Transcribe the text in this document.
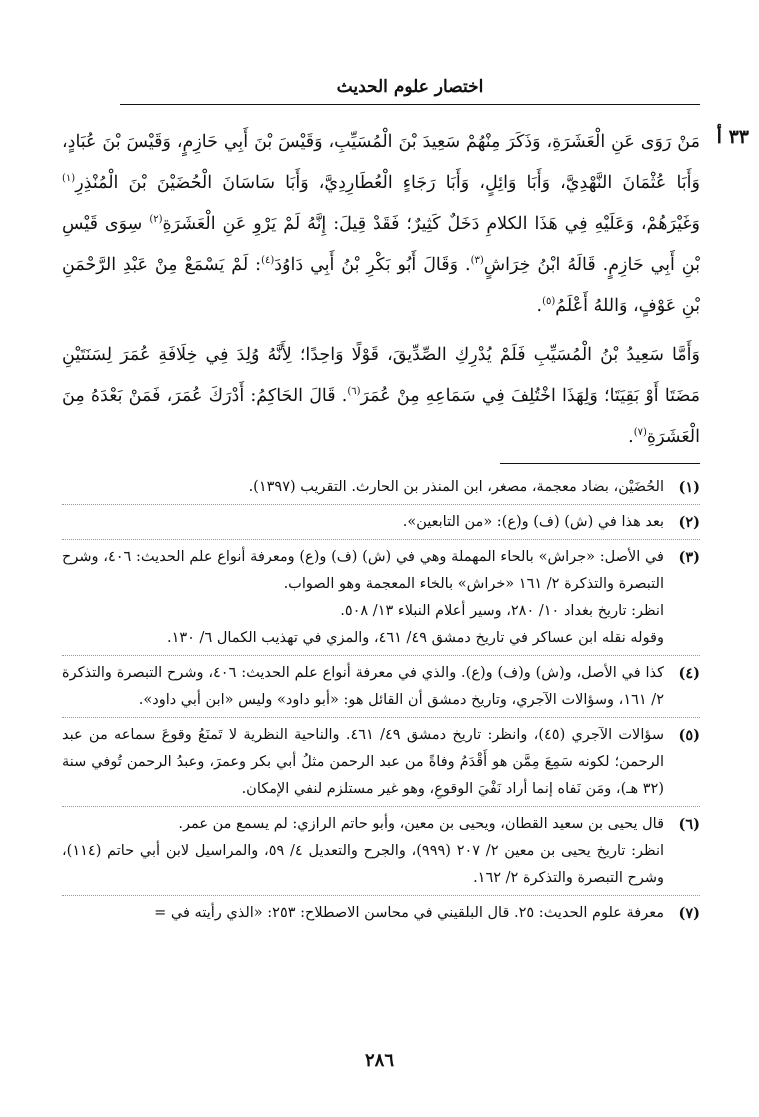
اختصار علوم الحديث
٣٣ أ

مَنْ رَوَى عَنِ الْعَشَرَةِ، وَذَكَرَ مِنْهُمْ سَعِيدَ بْنَ الْمُسَيِّبِ، وَقَيْسَ بْنَ أَبِي حَازِمٍ، وَقَيْسَ بْنَ عُبَادٍ، وَأَبَا عُثْمَانَ النَّهْدِيَّ، وَأَبَا وَائِلٍ، وَأَبَا رَجَاءٍ الْعُطَارِدِيَّ، وَأَبَا سَاسَانَ الْحُضَيْنَ بْنَ الْمُنْذِرِ$^{(١)}$ وَغَيْرَهُمْ، وَعَلَيْهِ فِي هَذَا الكلامِ دَخَلٌ كَثِيرٌ؛ فَقَدْ قِيلَ: إِنَّهُ لَمْ يَرْوِ عَنِ الْعَشَرَةِ$^{(٢)}$ سِوَى قَيْسِ بْنِ أَبِي حَازِمٍ. قَالَهُ ابْنُ خِرَاشٍ$^{(٣)}$. وَقَالَ أَبُو بَكْرِ بْنُ أَبِي دَاوُدَ$^{(٤)}$: لَمْ يَسْمَعْ مِنْ عَبْدِ الرَّحْمَنِ بْنِ عَوْفٍ، وَاللهُ أَعْلَمُ$^{(٥)}$.

وَأَمَّا سَعِيدُ بْنُ الْمُسَيِّبِ فَلَمْ يُدْرِكِ الصِّدِّيقَ، قَوْلًا وَاحِدًا؛ لِأَنَّهُ وُلِدَ فِي خِلَافَةِ عُمَرَ لِسَنَتَيْنِ مَضَتَا أَوْ بَقِيَتَا؛ وَلِهَذَا اخْتُلِفَ فِي سَمَاعِهِ مِنْ عُمَرَ$^{(٦)}$. قَالَ الحَاكِمُ: أَدْرَكَ عُمَرَ، فَمَنْ بَعْدَهُ مِنَ الْعَشَرَةِ$^{(٧)}$.

(١)
الحُضَيْن، بضاد معجمة، مصغر، ابن المنذر بن الحارث. التقريب (١٣٩٧).
(٢)
بعد هذا في (ش) (ف) و(ع): «من التابعين».
(٣)
في الأصل: «جراش» بالحاء المهملة وهي في (ش) (ف) و(ع) ومعرفة أنواع علم الحديث: ٤٠٦، وشرح التبصرة والتذكرة ٢/ ١٦١ «خراش» بالخاء المعجمة وهو الصواب.
انظر: تاريخ بغداد ١٠/ ٢٨٠، وسير أعلام النبلاء ١٣/ ٥٠٨.
وقوله نقله ابن عساكر في تاريخ دمشق ٤٩/ ٤٦١، والمزي في تهذيب الكمال ٦/ ١٣٠.
(٤)
كذا في الأصل، و(ش) و(ف) و(ع). والذي في معرفة أنواع علم الحديث: ٤٠٦، وشرح التبصرة والتذكرة ٢/ ١٦١، وسؤالات الآجري، وتاريخ دمشق أن القائل هو: «أبو داود» وليس «ابن أبي داود».
(٥)
سؤالات الآجري (٤٥)، وانظر: تاريخ دمشق ٤٩/ ٤٦١. والناحية النظرية لا تَمنَعُ وقوعَ سماعه من عبد الرحمن؛ لكونه سَمِعَ مِمَّن هو أَقْدَمُ وفاةً من عبد الرحمن مثلُ أبي بكر وعمرَ، وعبدُ الرحمن تُوفي سنة (٣٢ هـ)، ومَن نَفاه إنما أراد نَفْيَ الوقوعِ، وهو غير مستلزم لنفي الإمكان.
(٦)
قال يحيى بن سعيد القطان، ويحيى بن معين، وأبو حاتم الرازي: لم يسمع من عمر.
انظر: تاريخ يحيى بن معين ٢/ ٢٠٧ (٩٩٩)، والجرح والتعديل ٤/ ٥٩، والمراسيل لابن أبي حاتم (١١٤)، وشرح التبصرة والتذكرة ٢/ ١٦٢.
(٧)
معرفة علوم الحديث: ٢٥. قال البلقيني في محاسن الاصطلاح: ٢٥٣: «الذي رأيته في =
٢٨٦
